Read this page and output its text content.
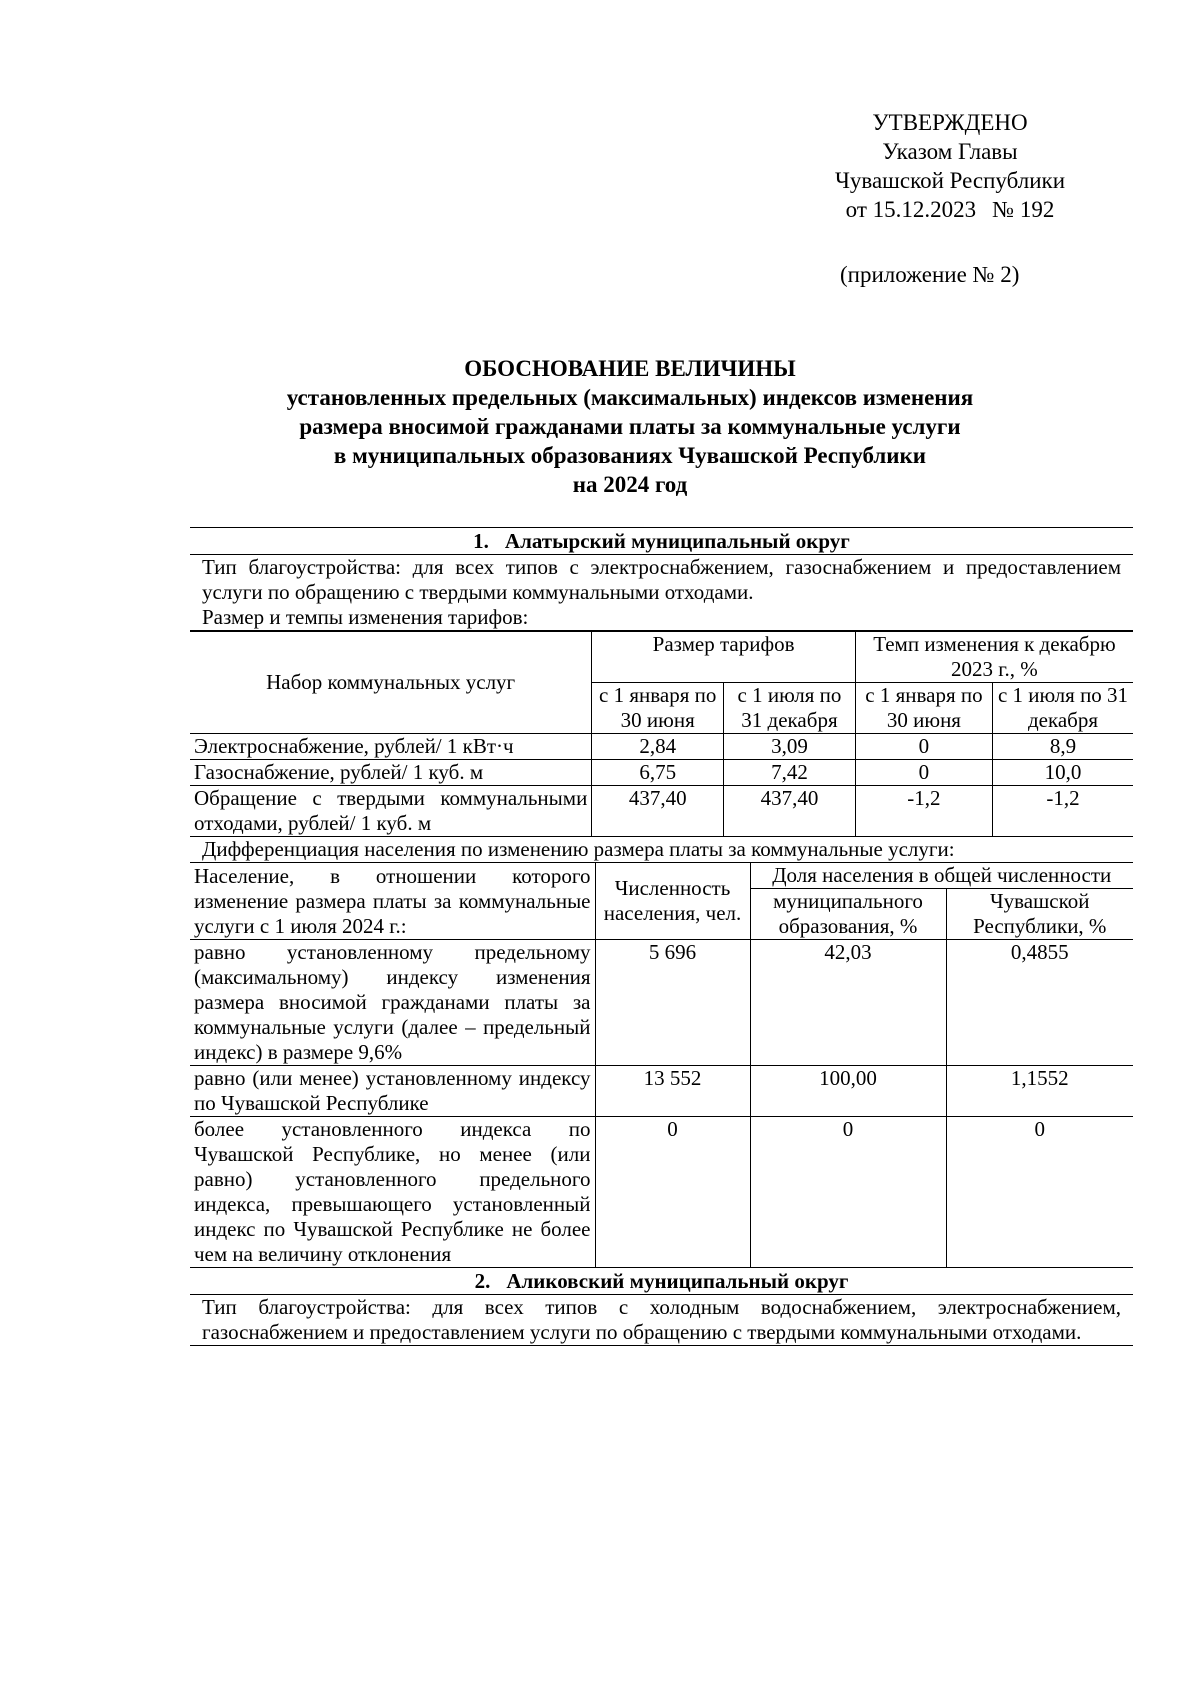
УТВЕРЖДЕНО
Указом Главы
Чувашской Республики
от 15.12.2023 № 192
(приложение № 2)
ОБОСНОВАНИЕ ВЕЛИЧИНЫ
установленных предельных (максимальных) индексов изменения
размера вносимой гражданами платы за коммунальные услуги
в муниципальных образованиях Чувашской Республики
на 2024 год
1. Алатырский муниципальный округ
Тип благоустройства: для всех типов с электроснабжением, газоснабжением и предоставлением услуги по обращению с твердыми коммунальными отходами.
Размер и темпы изменения тарифов:
Набор коммунальных услуг	Размер тарифов		Темп изменения к декабрю 2023 г., %	
	с 1 января по 30 июня	с 1 июля по 31 декабря	с 1 января по 30 июня	с 1 июля по 31 декабря
Электроснабжение, рублей/ 1 кВт·ч	2,84	3,09	0	8,9
Газоснабжение, рублей/ 1 куб. м	6,75	7,42	0	10,0
Обращение с твердыми коммунальными отходами, рублей/ 1 куб. м	437,40	437,40	-1,2	-1,2
Дифференциация населения по изменению размера платы за коммунальные услуги:
Население, в отношении которого изменение размера платы за коммунальные услуги с 1 июля 2024 г.:	Численность населения, чел.	Доля населения в общей численности	
		муниципального образования, %	Чувашской Республики, %
равно установленному предельному (максимальному) индексу изменения размера вносимой гражданами платы за коммунальные услуги (далее – предельный индекс) в размере 9,6%	5 696	42,03	0,4855
равно (или менее) установленному индексу по Чувашской Республике	13 552	100,00	1,1552
более установленного индекса по Чувашской Республике, но менее (или равно) установленного предельного индекса, превышающего установленный индекс по Чувашской Республике не более чем на величину отклонения	0	0	0
2. Аликовский муниципальный округ
Тип благоустройства: для всех типов с холодным водоснабжением, электроснабжением, газоснабжением и предоставлением услуги по обращению с твердыми коммунальными отходами.
